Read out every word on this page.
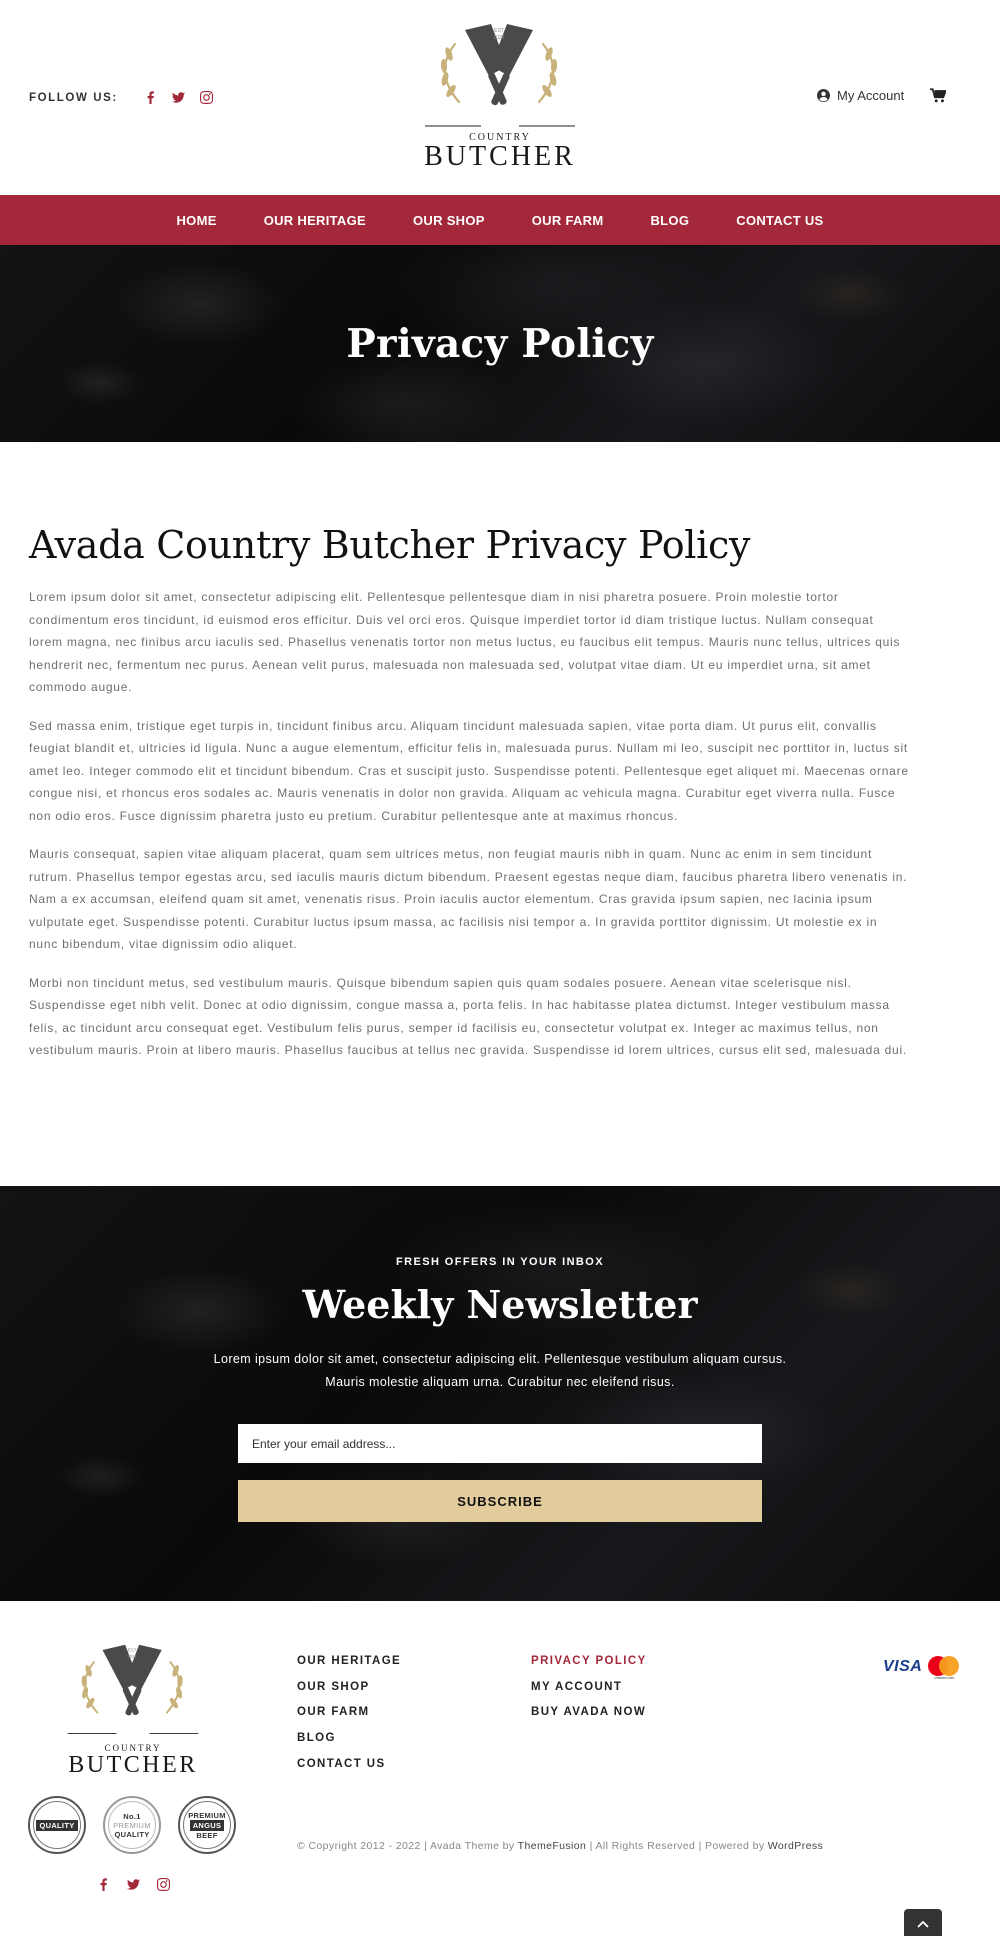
FOLLOW US:
EST
2021
COUNTRY
BUTCHER
My Account
HOME	OUR HERITAGE	OUR SHOP	OUR FARM	BLOG	CONTACT US
Privacy Policy
Avada Country Butcher Privacy Policy

Lorem ipsum dolor sit amet, consectetur adipiscing elit. Pellentesque pellentesque diam in nisi pharetra posuere. Proin molestie tortor condimentum eros tincidunt, id euismod eros efficitur. Duis vel orci eros. Quisque imperdiet tortor id diam tristique luctus. Nullam consequat lorem magna, nec finibus arcu iaculis sed. Phasellus venenatis tortor non metus luctus, eu faucibus elit tempus. Mauris nunc tellus, ultrices quis hendrerit nec, fermentum nec purus. Aenean velit purus, malesuada non malesuada sed, volutpat vitae diam. Ut eu imperdiet urna, sit amet commodo augue.

Sed massa enim, tristique eget turpis in, tincidunt finibus arcu. Aliquam tincidunt malesuada sapien, vitae porta diam. Ut purus elit, convallis feugiat blandit et, ultricies id ligula. Nunc a augue elementum, efficitur felis in, malesuada purus. Nullam mi leo, suscipit nec porttitor in, luctus sit amet leo. Integer commodo elit et tincidunt bibendum. Cras et suscipit justo. Suspendisse potenti. Pellentesque eget aliquet mi. Maecenas ornare congue nisi, et rhoncus eros sodales ac. Mauris venenatis in dolor non gravida. Aliquam ac vehicula magna. Curabitur eget viverra nulla. Fusce non odio eros. Fusce dignissim pharetra justo eu pretium. Curabitur pellentesque ante at maximus rhoncus.

Mauris consequat, sapien vitae aliquam placerat, quam sem ultrices metus, non feugiat mauris nibh in quam. Nunc ac enim in sem tincidunt rutrum. Phasellus tempor egestas arcu, sed iaculis mauris dictum bibendum. Praesent egestas neque diam, faucibus pharetra libero venenatis in. Nam a ex accumsan, eleifend quam sit amet, venenatis risus. Proin iaculis auctor elementum. Cras gravida ipsum sapien, nec lacinia ipsum vulputate eget. Suspendisse potenti. Curabitur luctus ipsum massa, ac facilisis nisi tempor a. In gravida porttitor dignissim. Ut molestie ex in nunc bibendum, vitae dignissim odio aliquet.

Morbi non tincidunt metus, sed vestibulum mauris. Quisque bibendum sapien quis quam sodales posuere. Aenean vitae scelerisque nisl. Suspendisse eget nibh velit. Donec at odio dignissim, congue massa a, porta felis. In hac habitasse platea dictumst. Integer vestibulum massa felis, ac tincidunt arcu consequat eget. Vestibulum felis purus, semper id facilisis eu, consectetur volutpat ex. Integer ac maximus tellus, non vestibulum mauris. Proin at libero mauris. Phasellus faucibus at tellus nec gravida. Suspendisse id lorem ultrices, cursus elit sed, malesuada dui.

FRESH OFFERS IN YOUR INBOX
Weekly Newsletter
Lorem ipsum dolor sit amet, consectetur adipiscing elit. Pellentesque vestibulum aliquam cursus.
Mauris molestie aliquam urna. Curabitur nec eleifend risus.
Enter your email address...
SUBSCRIBE
EST
2021
COUNTRY
BUTCHER
QUALITY
No.1
PREMIUM
QUALITY
PREMIUM
ANGUS
BEEF
OUR HERITAGE
OUR SHOP
OUR FARM
BLOG
CONTACT US
PRIVACY POLICY
MY ACCOUNT
BUY AVADA NOW
VISA
mastercard
© Copyright 2012 - 2022 | Avada Theme by ThemeFusion | All Rights Reserved | Powered by WordPress
